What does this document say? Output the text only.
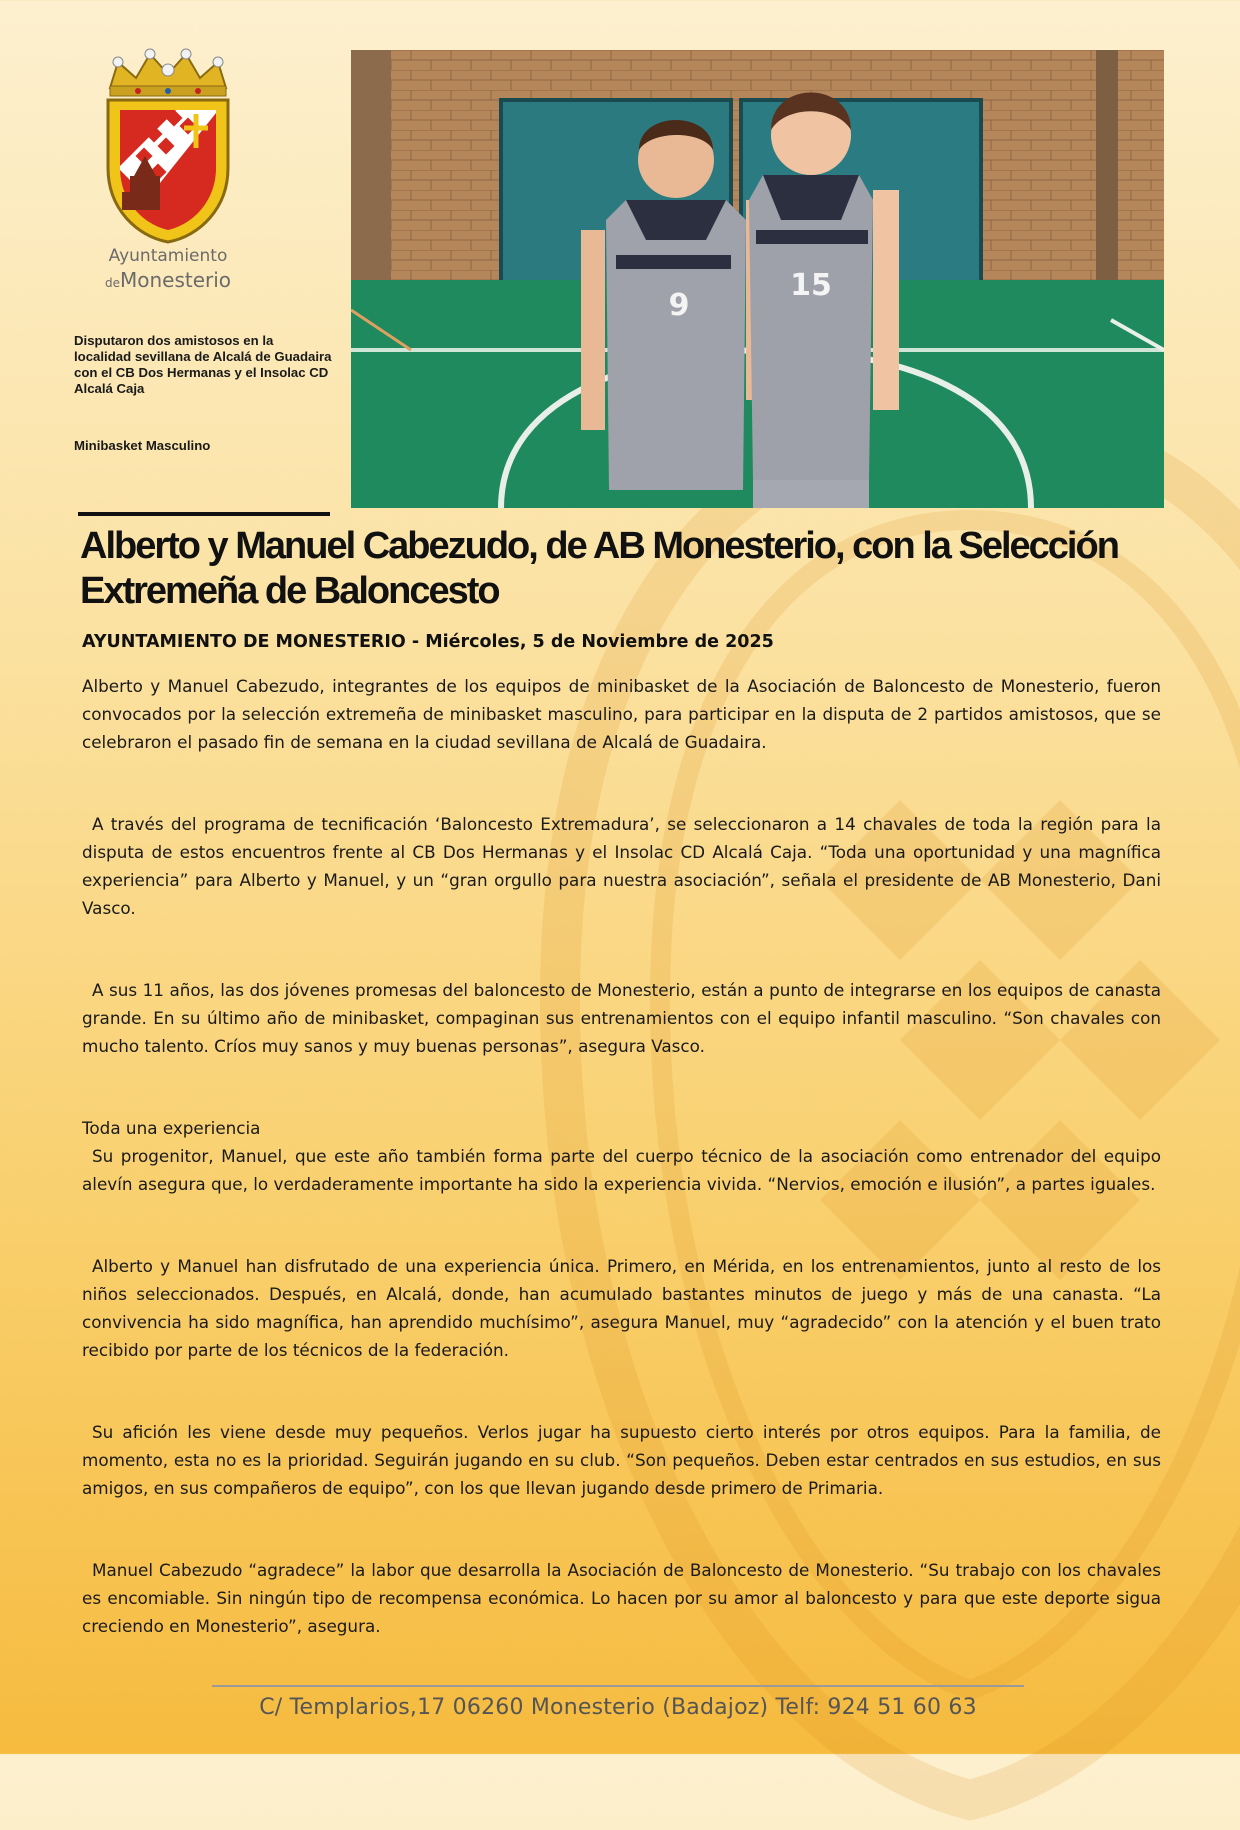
Ayuntamiento
deMonesterio
Disputaron dos amistosos en la localidad sevillana de Alcalá de Guadaira con el CB Dos Hermanas y el Insolac CD Alcalá Caja
Minibasket Masculino
9
15
Alberto y Manuel Cabezudo, de AB Monesterio, con la Selección Extremeña de Baloncesto
AYUNTAMIENTO DE MONESTERIO - Miércoles, 5 de Noviembre de 2025

Alberto y Manuel Cabezudo, integrantes de los equipos de minibasket de la Asociación de Baloncesto de Monesterio, fueron convocados por la selección extremeña de minibasket masculino, para participar en la disputa de 2 partidos amistosos, que se celebraron el pasado fin de semana en la ciudad sevillana de Alcalá de Guadaira.

A través del programa de tecnificación ‘Baloncesto Extremadura’, se seleccionaron a 14 chavales de toda la región para la disputa de estos encuentros frente al CB Dos Hermanas y el Insolac CD Alcalá Caja. “Toda una oportunidad y una magnífica experiencia” para Alberto y Manuel, y un “gran orgullo para nuestra asociación”, señala el presidente de AB Monesterio, Dani Vasco.

A sus 11 años, las dos jóvenes promesas del baloncesto de Monesterio, están a punto de integrarse en los equipos de canasta grande. En su último año de minibasket, compaginan sus entrenamientos con el equipo infantil masculino. “Son chavales con mucho talento. Críos muy sanos y muy buenas personas”, asegura Vasco.

Toda una experiencia

Su progenitor, Manuel, que este año también forma parte del cuerpo técnico de la asociación como entrenador del equipo alevín asegura que, lo verdaderamente importante ha sido la experiencia vivida. “Nervios, emoción e ilusión”, a partes iguales.

Alberto y Manuel han disfrutado de una experiencia única. Primero, en Mérida, en los entrenamientos, junto al resto de los niños seleccionados. Después, en Alcalá, donde, han acumulado bastantes minutos de juego y más de una canasta. “La convivencia ha sido magnífica, han aprendido muchísimo”, asegura Manuel, muy “agradecido” con la atención y el buen trato recibido por parte de los técnicos de la federación.

Su afición les viene desde muy pequeños. Verlos jugar ha supuesto cierto interés por otros equipos. Para la familia, de momento, esta no es la prioridad. Seguirán jugando en su club. “Son pequeños. Deben estar centrados en sus estudios, en sus amigos, en sus compañeros de equipo”, con los que llevan jugando desde primero de Primaria.

Manuel Cabezudo “agradece” la labor que desarrolla la Asociación de Baloncesto de Monesterio. “Su trabajo con los chavales es encomiable. Sin ningún tipo de recompensa económica. Lo hacen por su amor al baloncesto y para que este deporte sigua creciendo en Monesterio”, asegura.

C/ Templarios,17 06260 Monesterio (Badajoz) Telf: 924 51 60 63
